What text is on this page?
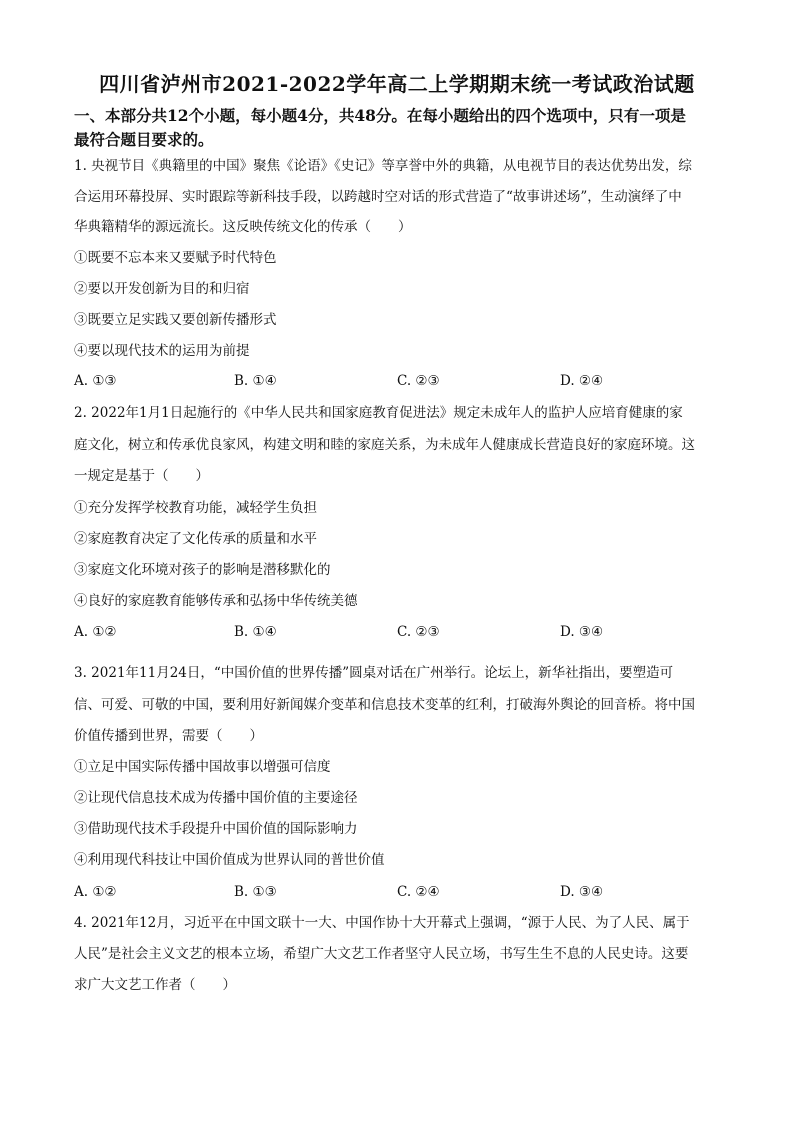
四川省泸州市2021-2022学年高二上学期期末统一考试政治试题
一、本部分共12个小题，每小题4分，共48分。在每小题给出的四个选项中，只有一项是
最符合题目要求的。
1. 央视节目《典籍里的中国》聚焦《论语》《史记》等享誉中外的典籍，从电视节目的表达优势出发，综
合运用环幕投屏、实时跟踪等新科技手段，以跨越时空对话的形式营造了“故事讲述场”，生动演绎了中
华典籍精华的源远流长。这反映传统文化的传承（　　）
①既要不忘本来又要赋予时代特色
②要以开发创新为目的和归宿
③既要立足实践又要创新传播形式
④要以现代技术的运用为前提
A. ①③	B. ①④	C. ②③	D. ②④
2. 2022年1月1日起施行的《中华人民共和国家庭教育促进法》规定未成年人的监护人应培育健康的家
庭文化，树立和传承优良家风，构建文明和睦的家庭关系，为未成年人健康成长营造良好的家庭环境。这
一规定是基于（　　）
①充分发挥学校教育功能，减轻学生负担
②家庭教育决定了文化传承的质量和水平
③家庭文化环境对孩子的影响是潜移默化的
④良好的家庭教育能够传承和弘扬中华传统美德
A. ①②	B. ①④	C. ②③	D. ③④
3. 2021年11月24日，“中国价值的世界传播”圆桌对话在广州举行。论坛上，新华社指出，要塑造可
信、可爱、可敬的中国，要利用好新闻媒介变革和信息技术变革的红利，打破海外舆论的回音桥。将中国
价值传播到世界，需要（　　）
①立足中国实际传播中国故事以增强可信度
②让现代信息技术成为传播中国价值的主要途径
③借助现代技术手段提升中国价值的国际影响力
④利用现代科技让中国价值成为世界认同的普世价值
A. ①②	B. ①③	C. ②④	D. ③④
4. 2021年12月，习近平在中国文联十一大、中国作协十大开幕式上强调，“源于人民、为了人民、属于
人民”是社会主义文艺的根本立场，希望广大文艺工作者坚守人民立场，书写生生不息的人民史诗。这要
求广大文艺工作者（　　）
